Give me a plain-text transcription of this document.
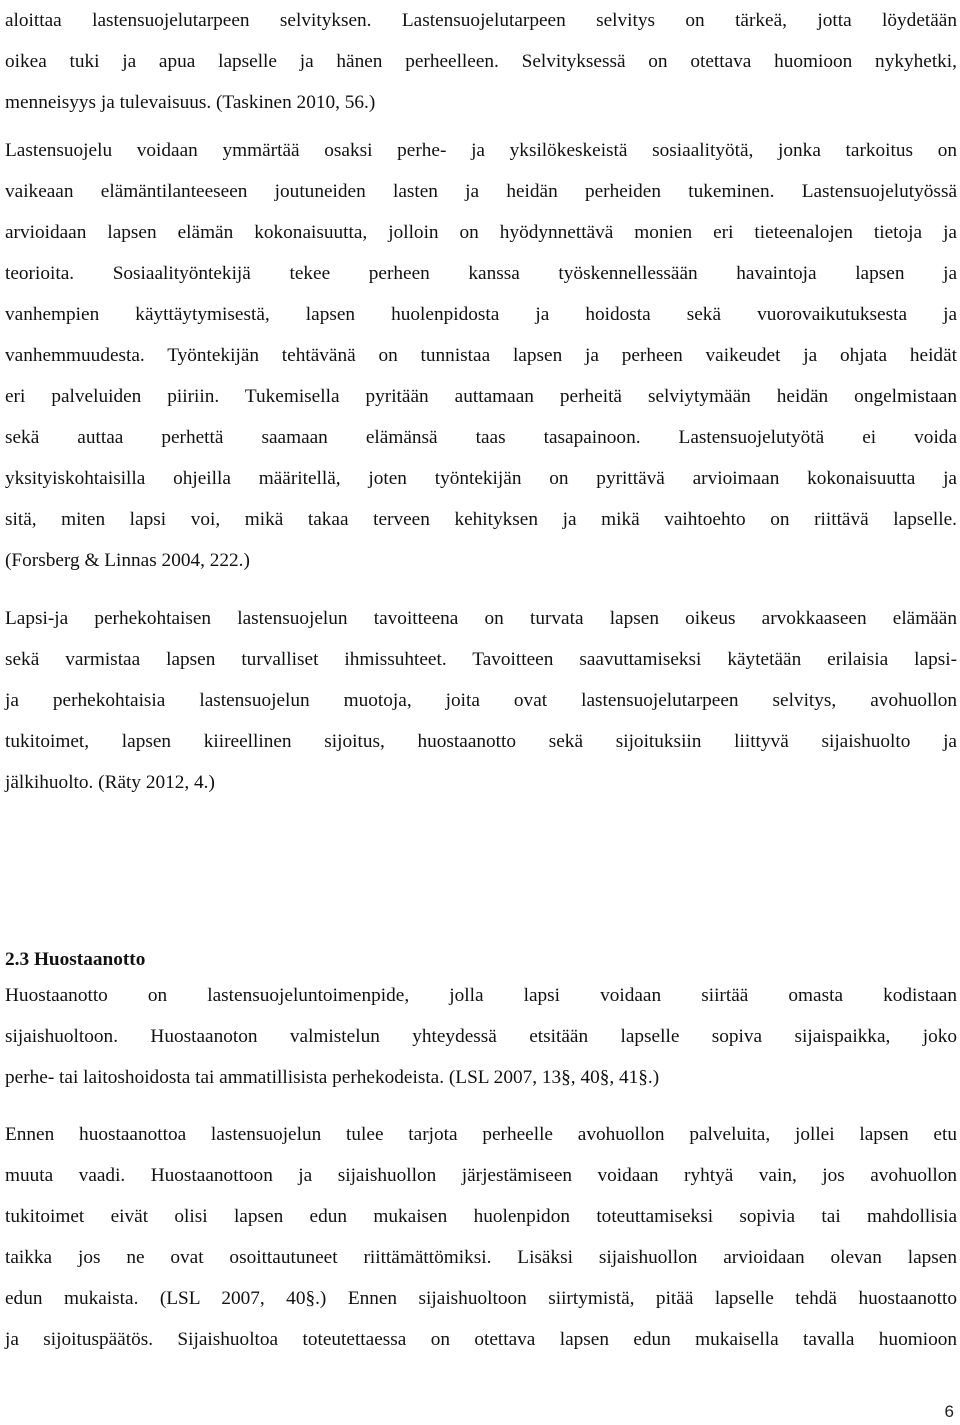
aloittaa lastensuojelutarpeen selvityksen. Lastensuojelutarpeen selvitys on tärkeä, jotta löydetään
oikea tuki ja apua lapselle ja hänen perheelleen. Selvityksessä on otettava huomioon nykyhetki,
menneisyys ja tulevaisuus. (Taskinen 2010, 56.)
Lastensuojelu voidaan ymmärtää osaksi perhe- ja yksilökeskeistä sosiaalityötä, jonka tarkoitus on
vaikeaan elämäntilanteeseen joutuneiden lasten ja heidän perheiden tukeminen. Lastensuojelutyössä
arvioidaan lapsen elämän kokonaisuutta, jolloin on hyödynnettävä monien eri tieteenalojen tietoja ja
teorioita. Sosiaalityöntekijä tekee perheen kanssa työskennellessään havaintoja lapsen ja
vanhempien käyttäytymisestä, lapsen huolenpidosta ja hoidosta sekä vuorovaikutuksesta ja
vanhemmuudesta. Työntekijän tehtävänä on tunnistaa lapsen ja perheen vaikeudet ja ohjata heidät
eri palveluiden piiriin. Tukemisella pyritään auttamaan perheitä selviytymään heidän ongelmistaan
sekä auttaa perhettä saamaan elämänsä taas tasapainoon. Lastensuojelutyötä ei voida
yksityiskohtaisilla ohjeilla määritellä, joten työntekijän on pyrittävä arvioimaan kokonaisuutta ja
sitä, miten lapsi voi, mikä takaa terveen kehityksen ja mikä vaihtoehto on riittävä lapselle.
(Forsberg & Linnas 2004, 222.)
Lapsi-ja perhekohtaisen lastensuojelun tavoitteena on turvata lapsen oikeus arvokkaaseen elämään
sekä varmistaa lapsen turvalliset ihmissuhteet. Tavoitteen saavuttamiseksi käytetään erilaisia lapsi-
ja perhekohtaisia lastensuojelun muotoja, joita ovat lastensuojelutarpeen selvitys, avohuollon
tukitoimet, lapsen kiireellinen sijoitus, huostaanotto sekä sijoituksiin liittyvä sijaishuolto ja
jälkihuolto. (Räty 2012, 4.)
2.3 Huostaanotto
Huostaanotto on lastensuojeluntoimenpide, jolla lapsi voidaan siirtää omasta kodistaan
sijaishuoltoon. Huostaanoton valmistelun yhteydessä etsitään lapselle sopiva sijaispaikka, joko
perhe- tai laitoshoidosta tai ammatillisista perhekodeista. (LSL 2007, 13§, 40§, 41§.)
Ennen huostaanottoa lastensuojelun tulee tarjota perheelle avohuollon palveluita, jollei lapsen etu
muuta vaadi. Huostaanottoon ja sijaishuollon järjestämiseen voidaan ryhtyä vain, jos avohuollon
tukitoimet eivät olisi lapsen edun mukaisen huolenpidon toteuttamiseksi sopivia tai mahdollisia
taikka jos ne ovat osoittautuneet riittämättömiksi. Lisäksi sijaishuollon arvioidaan olevan lapsen
edun mukaista. (LSL 2007, 40§.) Ennen sijaishuoltoon siirtymistä, pitää lapselle tehdä huostaanotto
ja sijoituspäätös. Sijaishuoltoa toteutettaessa on otettava lapsen edun mukaisella tavalla huomioon
6
